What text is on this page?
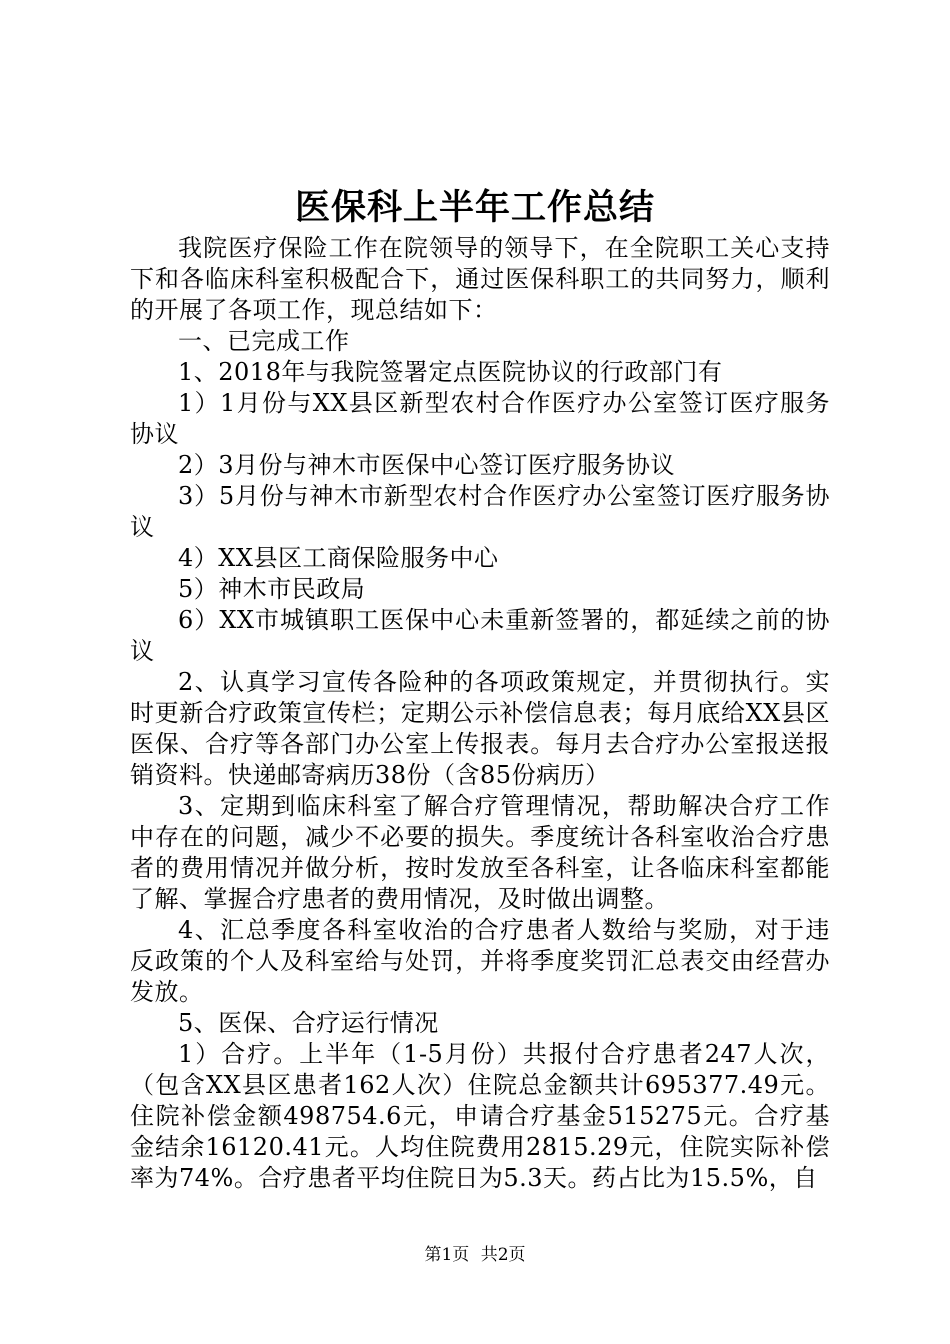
医保科上半年工作总结

我院医疗保险工作在院领导的领导下，在全院职工关心支持下和各临床科室积极配合下，通过医保科职工的共同努力，顺利的开展了各项工作，现总结如下：

一、已完成工作

1、2018年与我院签署定点医院协议的行政部门有

1）1月份与XX县区新型农村合作医疗办公室签订医疗服务协议

2）3月份与神木市医保中心签订医疗服务协议

3）5月份与神木市新型农村合作医疗办公室签订医疗服务协议

4）XX县区工商保险服务中心

5）神木市民政局

6）XX市城镇职工医保中心未重新签署的，都延续之前的协议

2、认真学习宣传各险种的各项政策规定，并贯彻执行。实时更新合疗政策宣传栏；定期公示补偿信息表；每月底给XX县区医保、合疗等各部门办公室上传报表。每月去合疗办公室报送报销资料。快递邮寄病历38份（含85份病历）

3、定期到临床科室了解合疗管理情况，帮助解决合疗工作中存在的问题，减少不必要的损失。季度统计各科室收治合疗患者的费用情况并做分析，按时发放至各科室，让各临床科室都能了解、掌握合疗患者的费用情况，及时做出调整。

4、汇总季度各科室收治的合疗患者人数给与奖励，对于违反政策的个人及科室给与处罚，并将季度奖罚汇总表交由经营办发放。

5、医保、合疗运行情况

1）合疗。上半年（1-5月份）共报付合疗患者247人次，（包含XX县区患者162人次）住院总金额共计695377.49元。住院补偿金额498754.6元，申请合疗基金515275元。合疗基金结余16120.41元。人均住院费用2815.29元，住院实际补偿率为74%。合疗患者平均住院日为5.3天。药占比为15.5%，自

第1页 共2页
